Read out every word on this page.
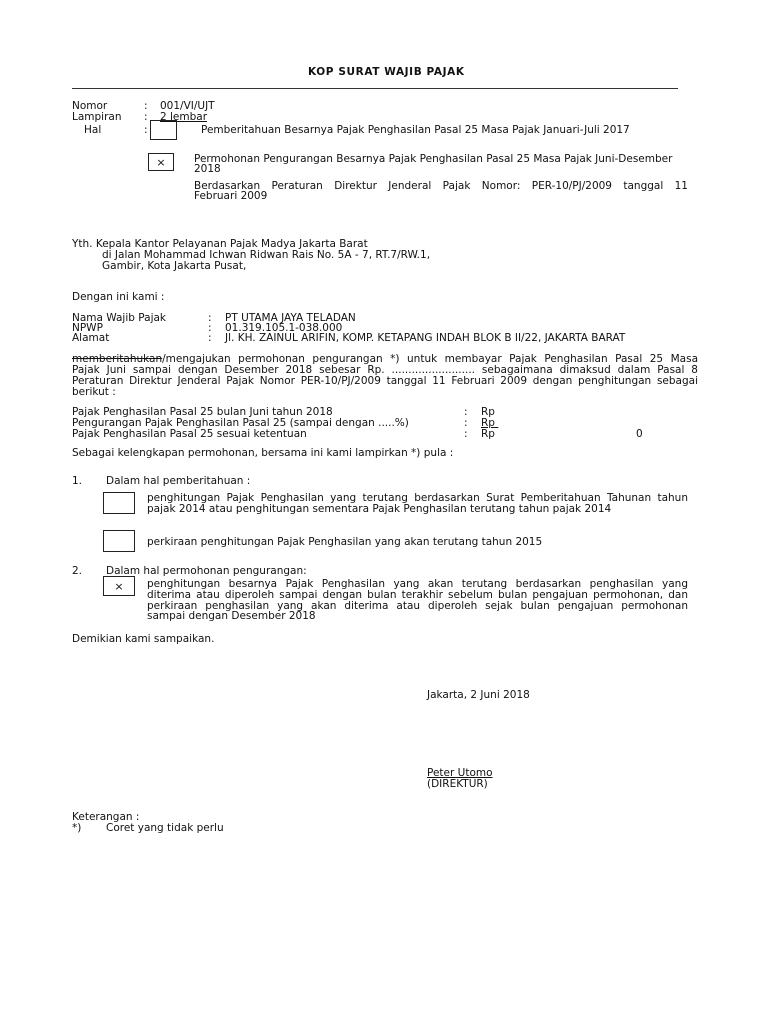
KOP SURAT WAJIB PAJAK
Nomor	: 001/VI/UJT
Lampiran : 2 lembar
Hal	:	Pemberitahuan Besarnya Pajak Penghasilan Pasal 25 Masa Pajak Januari-Juli 2017
×	Permohonan Pengurangan Besarnya Pajak Penghasilan Pasal 25 Masa Pajak Juni-Desember
2018
Berdasarkan Peraturan Direktur Jenderal Pajak Nomor: PER-10/PJ/2009 tanggal 11
Februari 2009
Yth. Kepala Kantor Pelayanan Pajak Madya Jakarta Barat
di Jalan Mohammad Ichwan Ridwan Rais No. 5A - 7, RT.7/RW.1,
Gambir, Kota Jakarta Pusat,
Dengan ini kami :
Nama Wajib Pajak	: PT UTAMA JAYA TELADAN
NPWP	: 01.319.105.1-038.000
Alamat	: Jl. KH. ZAINUL ARIFIN, KOMP. KETAPANG INDAH BLOK B II/22, JAKARTA BARAT
memberitahukan/mengajukan permohonan pengurangan *) untuk membayar Pajak Penghasilan Pasal 25 Masa
Pajak Juni sampai dengan Desember 2018 sebesar Rp. ......................... sebagaimana dimaksud dalam Pasal 8
Peraturan Direktur Jenderal Pajak Nomor PER-10/PJ/2009 tanggal 11 Februari 2009 dengan penghitungan sebagai
berikut :
Pajak Penghasilan Pasal 25 bulan Juni tahun 2018	: Rp
Pengurangan Pajak Penghasilan Pasal 25 (sampai dengan .....%)	: Rp
Pajak Penghasilan Pasal 25 sesuai ketentuan	: Rp	0
Sebagai kelengkapan permohonan, bersama ini kami lampirkan *) pula :
1. Dalam hal pemberitahuan :
penghitungan Pajak Penghasilan yang terutang berdasarkan Surat Pemberitahuan Tahunan tahun
pajak 2014 atau penghitungan sementara Pajak Penghasilan terutang tahun pajak 2014
perkiraan penghitungan Pajak Penghasilan yang akan terutang tahun 2015
2. Dalam hal permohonan pengurangan:
× penghitungan besarnya Pajak Penghasilan yang akan terutang berdasarkan penghasilan yang
diterima atau diperoleh sampai dengan bulan terakhir sebelum bulan pengajuan permohonan, dan
perkiraan penghasilan yang akan diterima atau diperoleh sejak bulan pengajuan permohonan
sampai dengan Desember 2018
Demikian kami sampaikan.
Jakarta, 2 Juni 2018
Peter Utomo
(DIREKTUR)
Keterangan :
*) Coret yang tidak perlu
